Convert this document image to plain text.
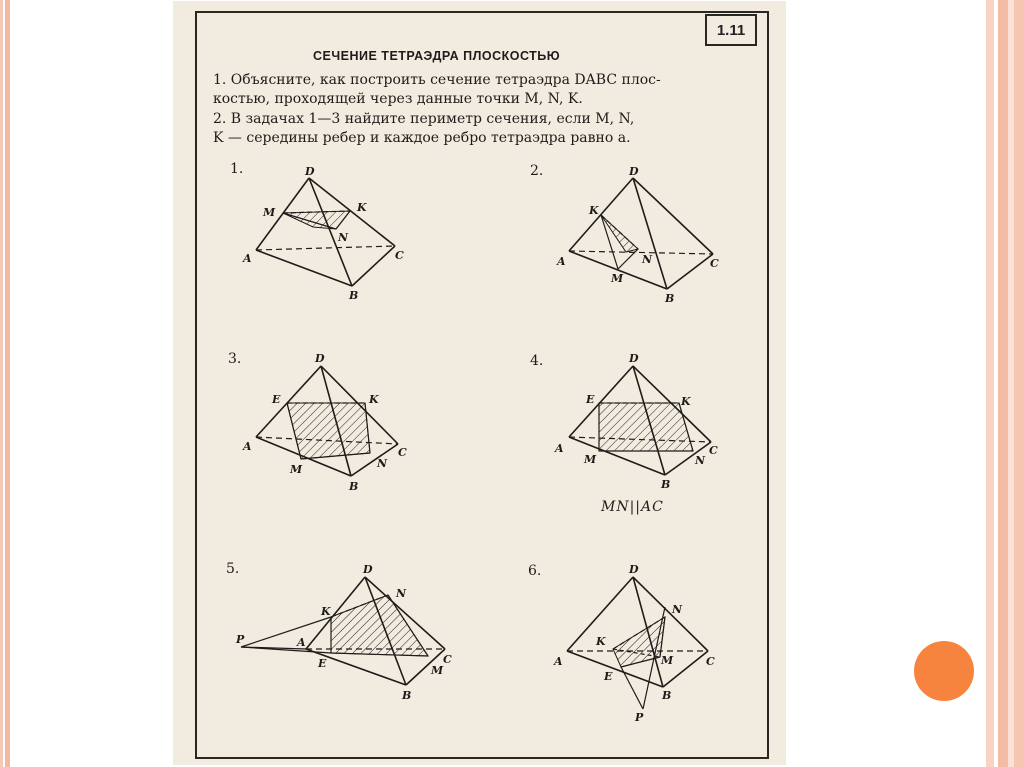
1.11
СЕЧЕНИЕ ТЕТРАЭДРА ПЛОСКОСТЬЮ
1. Объясните, как построить сечение тетраэдра DABC плос-
костью, проходящей через данные точки M, N, K.
2. В задачах 1—3 найдите периметр сечения, если M, N,
K — середины ребер и каждое ребро тетраэдра равно a.
1.	D
M	K
N
A	C
B
2.	D
K
A	N	C
M
B
3.	D
E	K
A	C
M	N
B
4.	D
E	K
A	C
M	N
B
MN||AC
5.	D
N
K
P	A
E	C
M
B
6.	D
N
K
A	M	C
E
B
P
